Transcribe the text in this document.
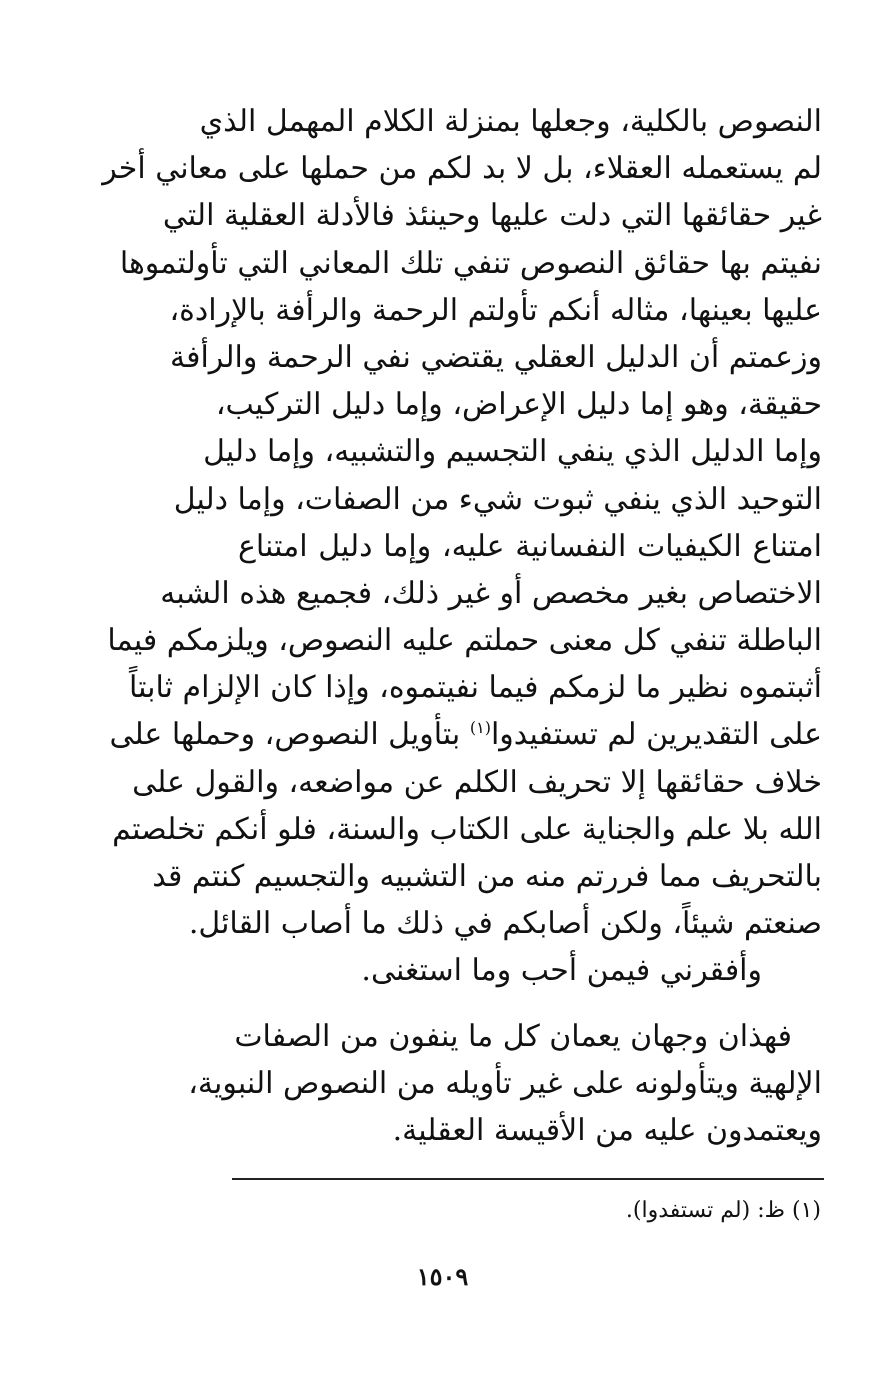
النصوص بالكلية، وجعلها بمنزلة الكلام المهمل الذي
لم يستعمله العقلاء، بل لا بد لكم من حملها على معاني أخر
غير حقائقها التي دلت عليها وحينئذ فالأدلة العقلية التي
نفيتم بها حقائق النصوص تنفي تلك المعاني التي تأولتموها
عليها بعينها، مثاله أنكم تأولتم الرحمة والرأفة بالإرادة،
وزعمتم أن الدليل العقلي يقتضي نفي الرحمة والرأفة
حقيقة، وهو إما دليل الإعراض، وإما دليل التركيب،
وإما الدليل الذي ينفي التجسيم والتشبيه، وإما دليل
التوحيد الذي ينفي ثبوت شيء من الصفات، وإما دليل
امتناع الكيفيات النفسانية عليه، وإما دليل امتناع
الاختصاص بغير مخصص أو غير ذلك، فجميع هذه الشبه
الباطلة تنفي كل معنى حملتم عليه النصوص، ويلزمكم فيما
أثبتموه نظير ما لزمكم فيما نفيتموه، وإذا كان الإلزام ثابتاً
على التقديرين لم تستفيدوا$^{(١)}$ بتأويل النصوص، وحملها على
خلاف حقائقها إلا تحريف الكلم عن مواضعه، والقول على
الله بلا علم والجناية على الكتاب والسنة، فلو أنكم تخلصتم
بالتحريف مما فررتم منه من التشبيه والتجسيم كنتم قد
صنعتم شيئاً، ولكن أصابكم في ذلك ما أصاب القائل.
وأفقرني فيمن أحب وما استغنى.
فهذان وجهان يعمان كل ما ينفون من الصفات
الإلهية ويتأولونه على غير تأويله من النصوص النبوية،
ويعتمدون عليه من الأقيسة العقلية.
(١) ظ: (لم تستفدوا).
١٥٠٩
